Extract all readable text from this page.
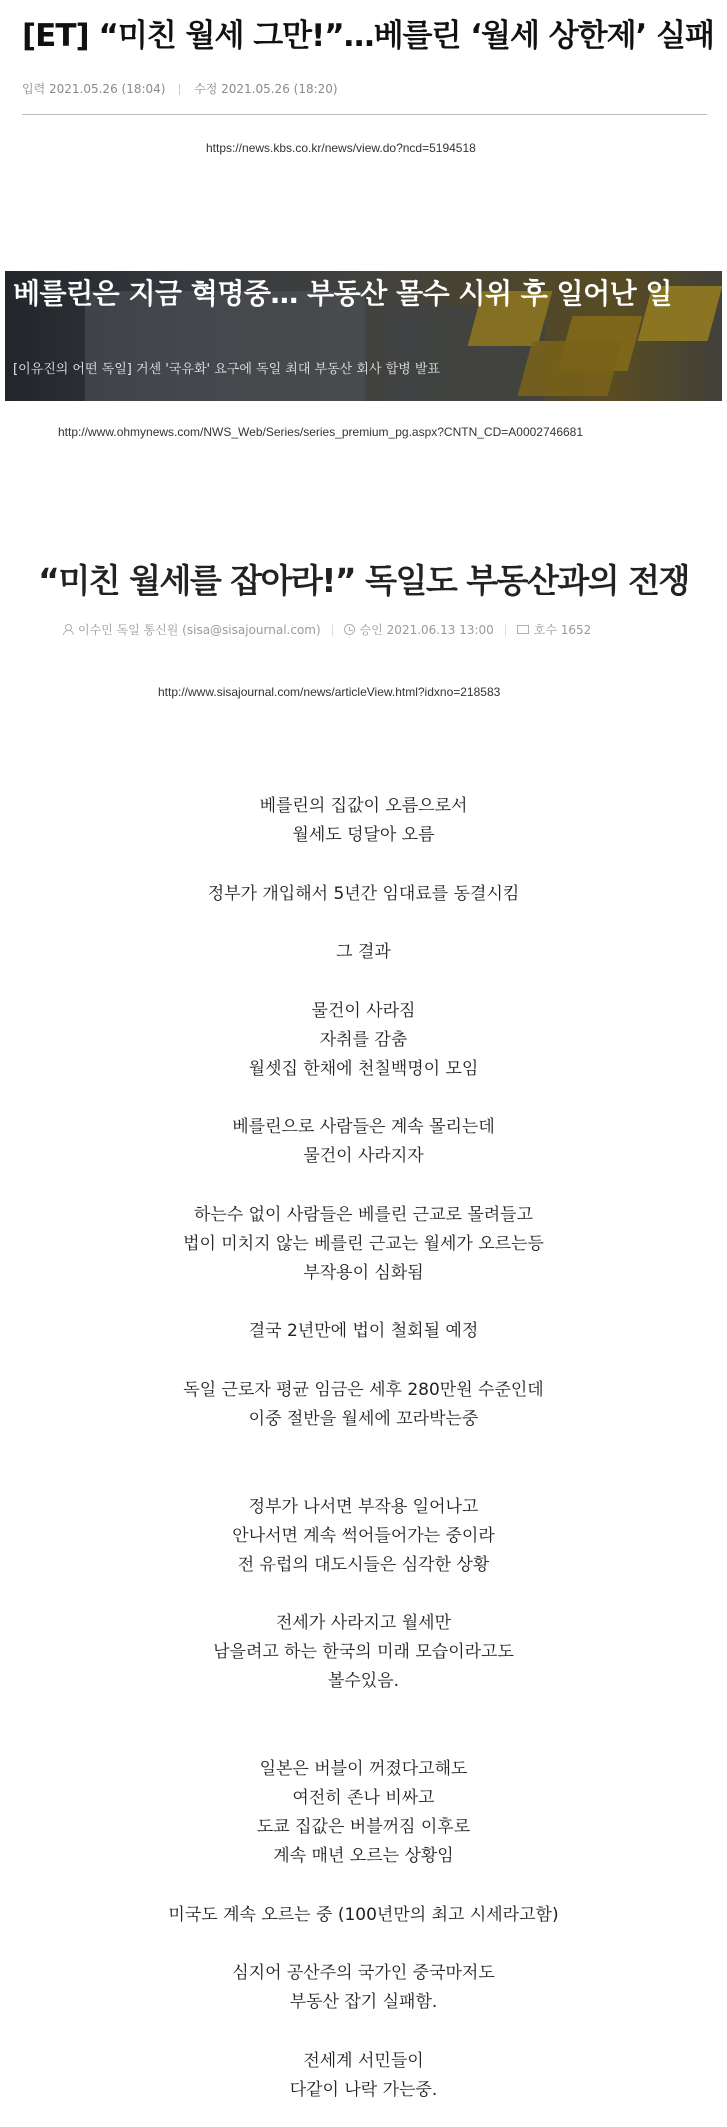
[ET] “미친 월세 그만!”…베를린 ‘월세 상한제’ 실패
입력 2021.05.26 (18:04) 수정 2021.05.26 (18:20)
https://news.kbs.co.kr/news/view.do?ncd=5194518
베를린은 지금 혁명중… 부동산 몰수 시위 후 일어난 일
[이유진의 어떤 독일] 거센 '국유화' 요구에 독일 최대 부동산 회사 합병 발표
http://www.ohmynews.com/NWS_Web/Series/series_premium_pg.aspx?CNTN_CD=A0002746681
“미친 월세를 잡아라!” 독일도 부동산과의 전쟁
이수민 독일 통신원 (sisa@sisajournal.com)	승인 2021.06.13 13:00	호수 1652
http://www.sisajournal.com/news/articleView.html?idxno=218583
베를린의 집값이 오름으로서
월세도 덩달아 오름
정부가 개입해서 5년간 임대료를 동결시킴
그 결과
물건이 사라짐
자취를 감춤
월셋집 한채에 천칠백명이 모임
베를린으로 사람들은 계속 몰리는데
물건이 사라지자
하는수 없이 사람들은 베를린 근교로 몰려들고
법이 미치지 않는 베를린 근교는 월세가 오르는등
부작용이 심화됨
결국 2년만에 법이 철회될 예정
독일 근로자 평균 임금은 세후 280만원 수준인데
이중 절반을 월세에 꼬라박는중
정부가 나서면 부작용 일어나고
안나서면 계속 썩어들어가는 중이라
전 유럽의 대도시들은 심각한 상황
전세가 사라지고 월세만
남을려고 하는 한국의 미래 모습이라고도
볼수있음.
일본은 버블이 꺼졌다고해도
여전히 존나 비싸고
도쿄 집값은 버블꺼짐 이후로
계속 매년 오르는 상황임
미국도 계속 오르는 중 (100년만의 최고 시세라고함)
심지어 공산주의 국가인 중국마저도
부동산 잡기 실패함.
전세계 서민들이
다같이 나락 가는중.
